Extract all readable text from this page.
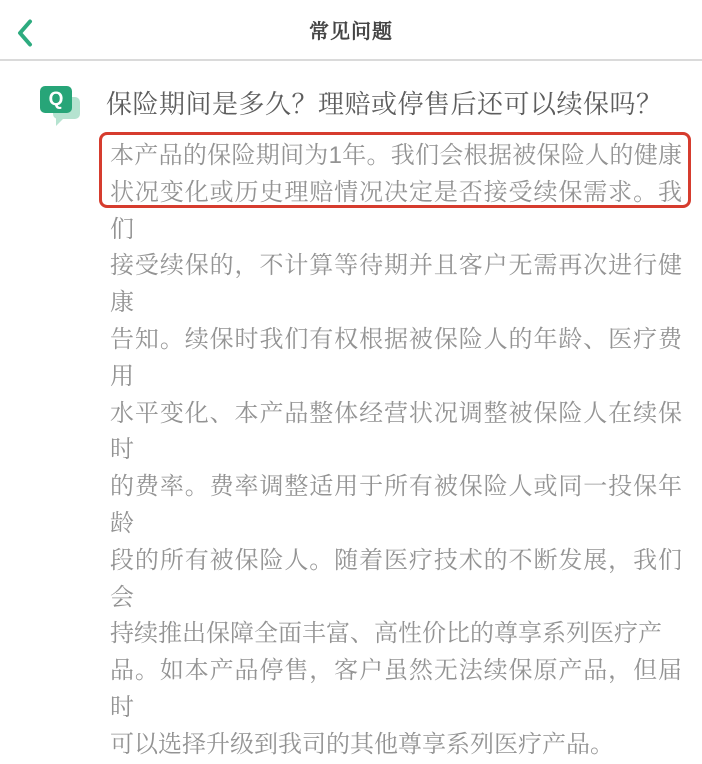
常见问题
Q	保险期间是多久？理赔或停售后还可以续保吗？
本产品的保险期间为1年。我们会根据被保险人的健康
状况变化或历史理赔情况决定是否接受续保需求。我们
接受续保的，不计算等待期并且客户无需再次进行健康
告知。续保时我们有权根据被保险人的年龄、医疗费用
水平变化、本产品整体经营状况调整被保险人在续保时
的费率。费率调整适用于所有被保险人或同一投保年龄
段的所有被保险人。随着医疗技术的不断发展，我们会
持续推出保障全面丰富、高性价比的尊享系列医疗产
品。如本产品停售，客户虽然无法续保原产品，但届时
可以选择升级到我司的其他尊享系列医疗产品。
